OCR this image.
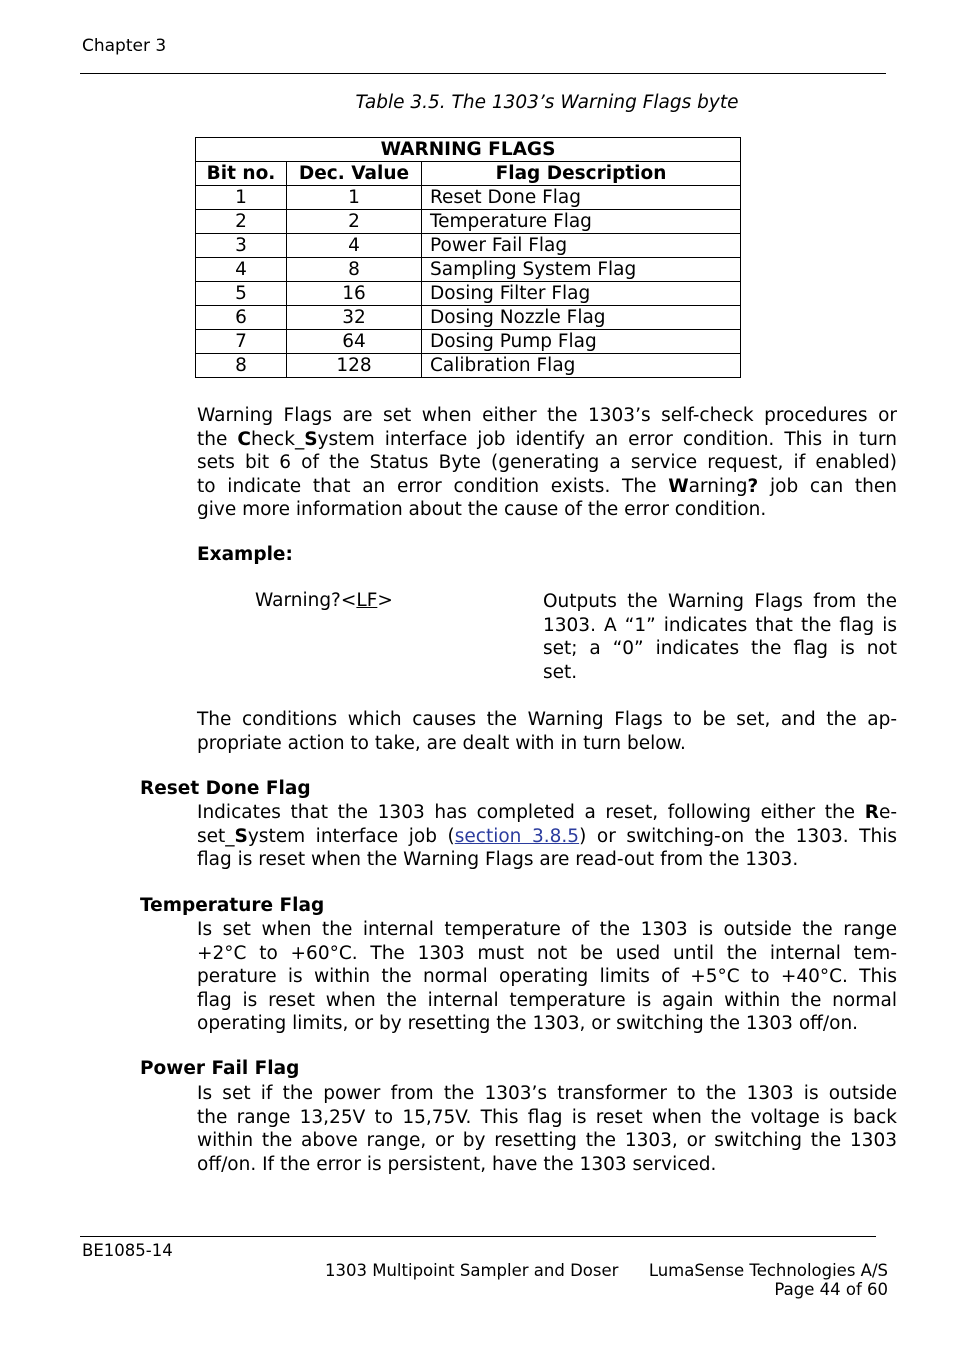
Chapter 3
Table 3.5. The 1303’s Warning Flags byte
WARNING FLAGS		
Bit no.	Dec. Value	Flag Description
1	1	Reset Done Flag
2	2	Temperature Flag
3	4	Power Fail Flag
4	8	Sampling System Flag
5	16	Dosing Filter Flag
6	32	Dosing Nozzle Flag
7	64	Dosing Pump Flag
8	128	Calibration Flag
Warning Flags are set when either the 1303’s self-check procedures or
the Check_System interface job identify an error condition. This in turn
sets bit 6 of the Status Byte (generating a service request, if enabled)
to indicate that an error condition exists. The Warning? job can then
give more information about the cause of the error condition.
Example:
Warning?<LF>	Outputs the Warning Flags from the
1303. A “1” indicates that the flag is
set; a “0” indicates the flag is not
set.
The conditions which causes the Warning Flags to be set, and the ap-
propriate action to take, are dealt with in turn below.
Reset Done Flag
Indicates that the 1303 has completed a reset, following either the Re-
set_System interface job (section 3.8.5) or switching-on the 1303. This
flag is reset when the Warning Flags are read-out from the 1303.
Temperature Flag
Is set when the internal temperature of the 1303 is outside the range
+2°C to +60°C. The 1303 must not be used until the internal tem-
perature is within the normal operating limits of +5°C to +40°C. This
flag is reset when the internal temperature is again within the normal
operating limits, or by resetting the 1303, or switching the 1303 off/on.
Power Fail Flag
Is set if the power from the 1303’s transformer to the 1303 is outside
the range 13,25V to 15,75V. This flag is reset when the voltage is back
within the above range, or by resetting the 1303, or switching the 1303
off/on. If the error is persistent, have the 1303 serviced.
BE1085-14
1303 Multipoint Sampler and Doser LumaSense Technologies A/S
Page 44 of 60
